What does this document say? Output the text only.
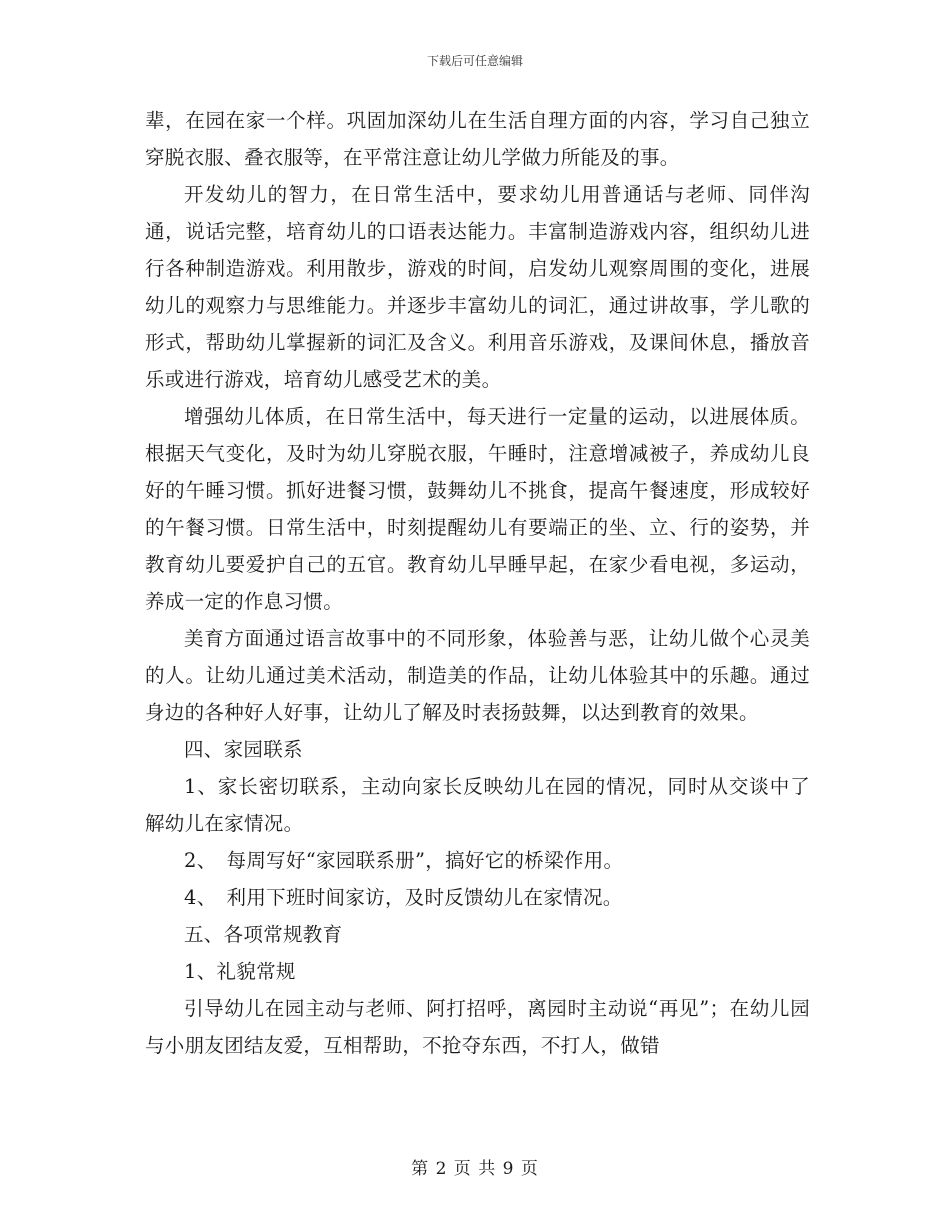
下载后可任意编辑

辈，在园在家一个样。巩固加深幼儿在生活自理方面的内容，学习自己独立穿脱衣服、叠衣服等，在平常注意让幼儿学做力所能及的事。

开发幼儿的智力，在日常生活中，要求幼儿用普通话与老师、同伴沟通，说话完整，培育幼儿的口语表达能力。丰富制造游戏内容，组织幼儿进行各种制造游戏。利用散步，游戏的时间，启发幼儿观察周围的变化，进展幼儿的观察力与思维能力。并逐步丰富幼儿的词汇，通过讲故事，学儿歌的形式，帮助幼儿掌握新的词汇及含义。利用音乐游戏，及课间休息，播放音乐或进行游戏，培育幼儿感受艺术的美。

增强幼儿体质，在日常生活中，每天进行一定量的运动，以进展体质。根据天气变化，及时为幼儿穿脱衣服，午睡时，注意增减被子，养成幼儿良好的午睡习惯。抓好进餐习惯，鼓舞幼儿不挑食，提高午餐速度，形成较好的午餐习惯。日常生活中，时刻提醒幼儿有要端正的坐、立、行的姿势，并教育幼儿要爱护自己的五官。教育幼儿早睡早起，在家少看电视，多运动，养成一定的作息习惯。

美育方面通过语言故事中的不同形象，体验善与恶，让幼儿做个心灵美的人。让幼儿通过美术活动，制造美的作品，让幼儿体验其中的乐趣。通过身边的各种好人好事，让幼儿了解及时表扬鼓舞，以达到教育的效果。

四、家园联系

1、家长密切联系，主动向家长反映幼儿在园的情况，同时从交谈中了解幼儿在家情况。

2、　每周写好“家园联系册”，搞好它的桥梁作用。

4、　利用下班时间家访，及时反馈幼儿在家情况。

五、各项常规教育

1、礼貌常规

引导幼儿在园主动与老师、阿打招呼，离园时主动说“再见”；在幼儿园与小朋友团结友爱，互相帮助，不抢夺东西，不打人，做错

第 2 页 共 9 页
